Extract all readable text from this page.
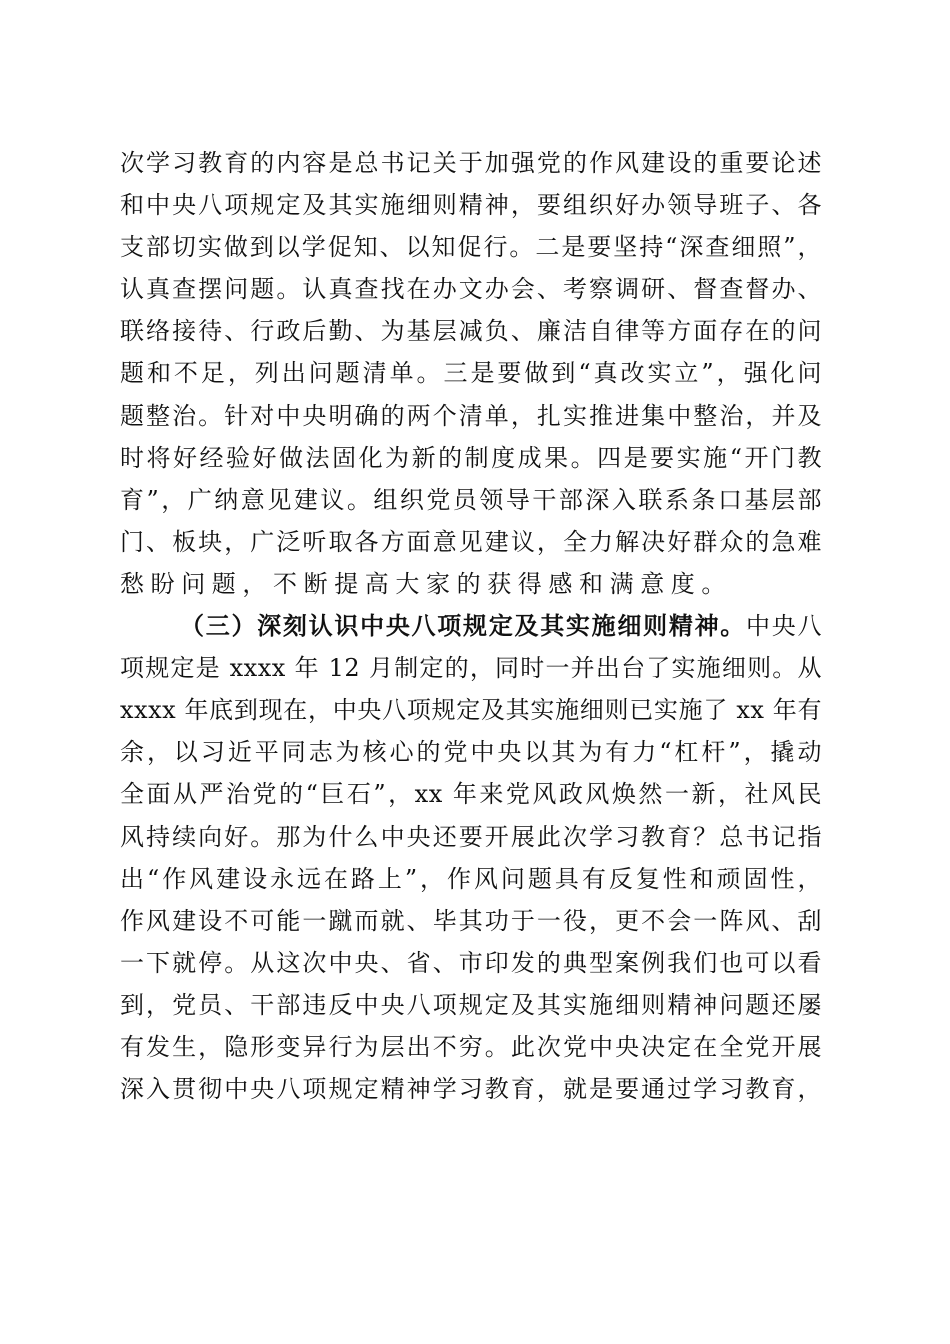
次学习教育的内容是总书记关于加强党的作风建设的重要论述
和中央八项规定及其实施细则精神，要组织好办领导班子、各
支部切实做到以学促知、以知促行。二是要坚持“深查细照”，
认真查摆问题。认真查找在办文办会、考察调研、督查督办、
联络接待、行政后勤、为基层减负、廉洁自律等方面存在的问
题和不足，列出问题清单。三是要做到“真改实立”，强化问
题整治。针对中央明确的两个清单，扎实推进集中整治，并及
时将好经验好做法固化为新的制度成果。四是要实施“开门教
育”，广纳意见建议。组织党员领导干部深入联系条口基层部
门、板块，广泛听取各方面意见建议，全力解决好群众的急难
愁盼问题，不断提高大家的获得感和满意度。
（三）深刻认识中央八项规定及其实施细则精神。中央八
项规定是 xxxx 年 12 月制定的，同时一并出台了实施细则。从
xxxx 年底到现在，中央八项规定及其实施细则已实施了 xx 年有
余，以习近平同志为核心的党中央以其为有力“杠杆”，撬动
全面从严治党的“巨石”，xx 年来党风政风焕然一新，社风民
风持续向好。那为什么中央还要开展此次学习教育？总书记指
出“作风建设永远在路上”，作风问题具有反复性和顽固性，
作风建设不可能一蹴而就、毕其功于一役，更不会一阵风、刮
一下就停。从这次中央、省、市印发的典型案例我们也可以看
到，党员、干部违反中央八项规定及其实施细则精神问题还屡
有发生，隐形变异行为层出不穷。此次党中央决定在全党开展
深入贯彻中央八项规定精神学习教育，就是要通过学习教育，
